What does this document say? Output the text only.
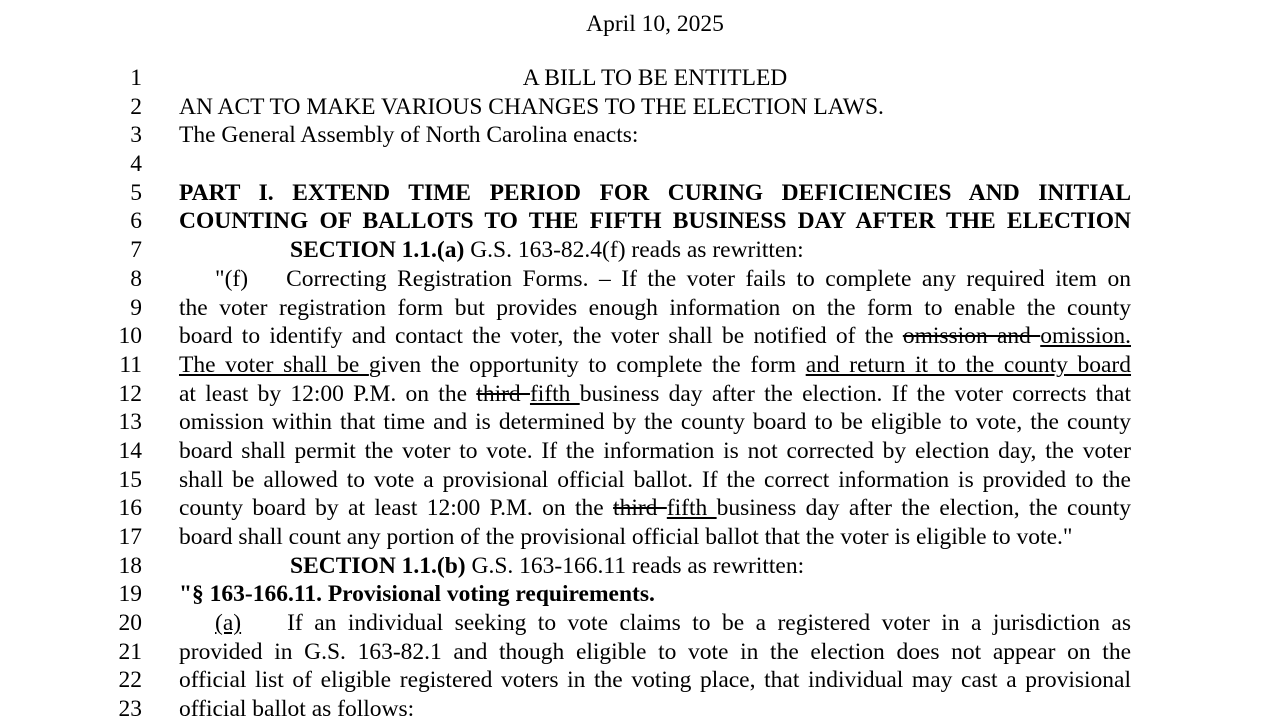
April 10, 2025
1	A BILL TO BE ENTITLED
2 AN ACT TO MAKE VARIOUS CHANGES TO THE ELECTION LAWS.
3 The General Assembly of North Carolina enacts:
4
5 PART I. EXTEND TIME PERIOD FOR CURING DEFICIENCIES AND INITIAL
6 COUNTING OF BALLOTS TO THE FIFTH BUSINESS DAY AFTER THE ELECTION
7	SECTION 1.1.(a) G.S. 163-82.4(f) reads as rewritten:
8	"(f) Correcting Registration Forms. – If the voter fails to complete any required item on
9 the voter registration form but provides enough information on the form to enable the county
10 board to identify and contact the voter, the voter shall be notified of the omission and omission.
11 The voter shall be given the opportunity to complete the form and return it to the county board
12 at least by 12:00 P.M. on the third fifth business day after the election. If the voter corrects that
13 omission within that time and is determined by the county board to be eligible to vote, the county
14 board shall permit the voter to vote. If the information is not corrected by election day, the voter
15 shall be allowed to vote a provisional official ballot. If the correct information is provided to the
16 county board by at least 12:00 P.M. on the third fifth business day after the election, the county
17 board shall count any portion of the provisional official ballot that the voter is eligible to vote."
18	SECTION 1.1.(b) G.S. 163-166.11 reads as rewritten:
19 "§ 163-166.11. Provisional voting requirements.
20	(a) If an individual seeking to vote claims to be a registered voter in a jurisdiction as
21 provided in G.S. 163-82.1 and though eligible to vote in the election does not appear on the
22 official list of eligible registered voters in the voting place, that individual may cast a provisional
23 official ballot as follows:
